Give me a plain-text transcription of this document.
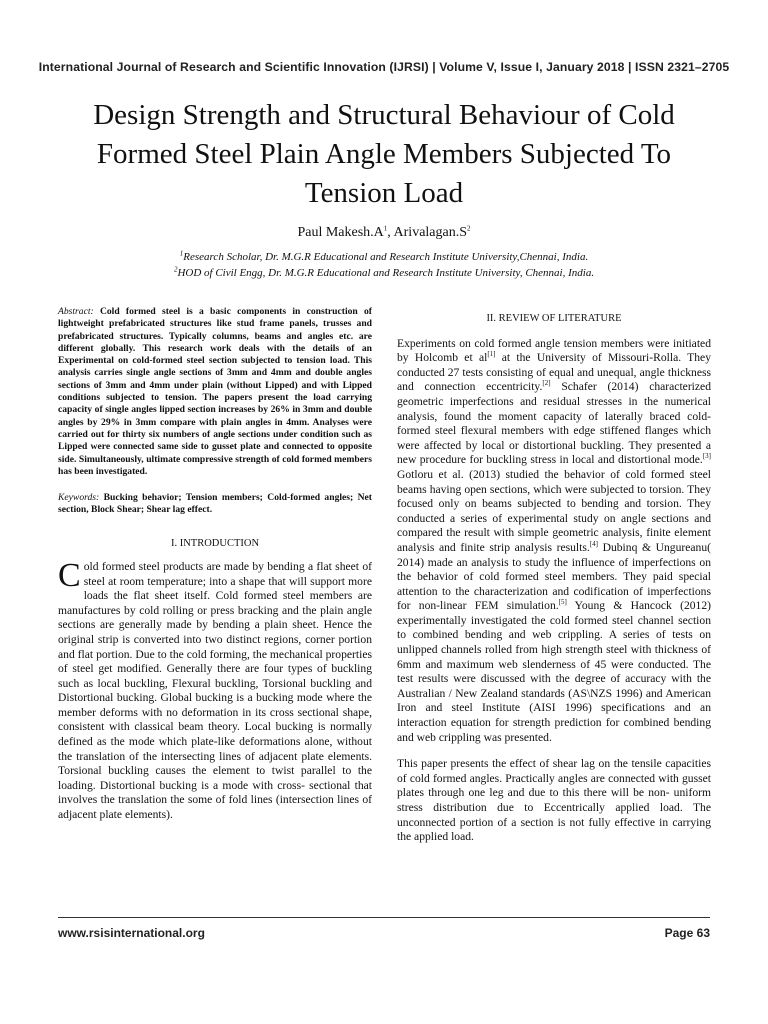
International Journal of Research and Scientific Innovation (IJRSI) | Volume V, Issue I, January 2018 | ISSN 2321–2705
Design Strength and Structural Behaviour of Cold
Formed Steel Plain Angle Members Subjected To
Tension Load
Paul $Makesh.A^1$, $Arivalagan.S^2$
$^1$Research Scholar, Dr. M.G.R Educational and Research Institute University,Chennai, India.
$^2$HOD of Civil Engg, Dr. M.G.R Educational and Research Institute University, Chennai, India.

Abstract: Cold formed steel is a basic components in construction of lightweight prefabricated structures like stud frame panels, trusses and prefabricated structures. Typically columns, beams and angles etc. are different globally. This research work deals with the details of an Experimental on cold-formed steel section subjected to tension load. This analysis carries single angle sections of 3mm and 4mm and double angles sections of 3mm and 4mm under plain (without Lipped) and with Lipped conditions subjected to tension. The papers present the load carrying capacity of single angles lipped section increases by 26% in 3mm and double angles by 29% in 3mm compare with plain angles in 4mm. Analyses were carried out for thirty six numbers of angle sections under condition such as Lipped were connected same side to gusset plate and connected to opposite side. Simultaneously, ultimate compressive strength of cold formed members has been investigated.

Keywords: Bucking behavior; Tension members; Cold-formed angles; Net section, Block Shear; Shear lag effect.

I. INTRODUCTION

Cold formed steel products are made by bending a flat sheet of steel at room temperature; into a shape that will support more loads the flat sheet itself. Cold formed steel members are manufactures by cold rolling or press bracking and the plain angle sections are generally made by bending a plain sheet. Hence the original strip is converted into two distinct regions, corner portion and flat portion. Due to the cold forming, the mechanical properties of steel get modified. Generally there are four types of buckling such as local buckling, Flexural buckling, Torsional buckling and Distortional bucking. Global bucking is a bucking mode where the member deforms with no deformation in its cross sectional shape, consistent with classical beam theory. Local bucking is normally defined as the mode which plate-like deformations alone, without the translation of the intersecting lines of adjacent plate elements. Torsional buckling causes the element to twist parallel to the loading. Distortional bucking is a mode with cross- sectional that involves the translation the some of fold lines (intersection lines of adjacent plate elements).

II. REVIEW OF LITERATURE

Experiments on cold formed angle tension members were initiated by Holcomb et al[1] at the University of Missouri-Rolla. They conducted 27 tests consisting of equal and unequal, angle thickness and connection eccentricity.[2] Schafer (2014) characterized geometric imperfections and residual stresses in the numerical analysis, found the moment capacity of laterally braced cold-formed steel flexural members with edge stiffened flanges which were affected by local or distortional buckling. They presented a new procedure for buckling stress in local and distortional mode.[3] Gotloru et al. (2013) studied the behavior of cold formed steel beams having open sections, which were subjected to torsion. They focused only on beams subjected to bending and torsion. They conducted a series of experimental study on angle sections and compared the result with simple geometric analysis, finite element analysis and finite strip analysis results.[4] Dubinq & Ungureanu( 2014) made an analysis to study the influence of imperfections on the behavior of cold formed steel members. They paid special attention to the characterization and codification of imperfections for non-linear FEM simulation.[5] Young & Hancock (2012) experimentally investigated the cold formed steel channel section to combined bending and web crippling. A series of tests on unlipped channels rolled from high strength steel with thickness of 6mm and maximum web slenderness of 45 were conducted. The test results were discussed with the degree of accuracy with the Australian / New Zealand standards (AS\NZS 1996) and American Iron and steel Institute (AISI 1996) specifications and an interaction equation for strength prediction for combined bending and web crippling was presented.

This paper presents the effect of shear lag on the tensile capacities of cold formed angles. Practically angles are connected with gusset plates through one leg and due to this there will be non- uniform stress distribution due to Eccentrically applied load. The unconnected portion of a section is not fully effective in carrying the applied load.

www.rsisinternational.org	Page 63
